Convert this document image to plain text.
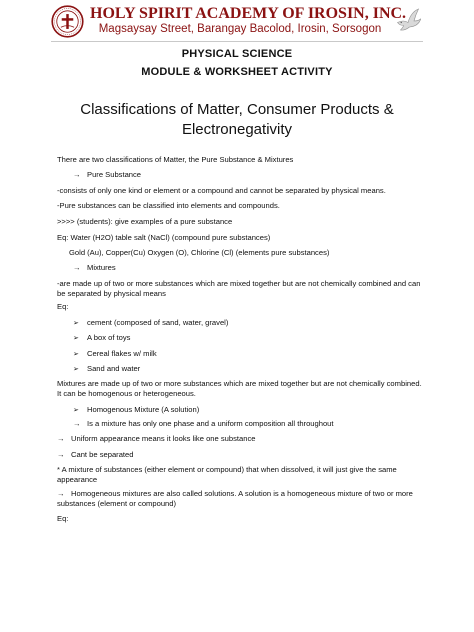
HOLY SPIRIT ACADEMY OF IROSIN, INC.
Magsaysay Street, Barangay Bacolod, Irosin, Sorsogon
PHYSICAL SCIENCE
MODULE & WORKSHEET ACTIVITY
Classifications of Matter, Consumer Products &
Electronegativity
There are two classifications of Matter, the Pure Substance & Mixtures
→ Pure Substance
-consists of only one kind or element or a compound and cannot be separated by physical means.
-Pure substances can be classified into elements and compounds.
>>>> (students): give examples of a pure substance
Eq: Water (H2O) table salt (NaCl) (compound pure substances)
Gold (Au), Copper(Cu) Oxygen (O), Chlorine (Cl) (elements pure substances)
→ Mixtures
-are made up of two or more substances which are mixed together but are not chemically combined and can be separated by physical means
Eq:
➢ cement (composed of sand, water, gravel)
➢ A box of toys
➢ Cereal flakes w/ milk
➢ Sand and water
Mixtures are made up of two or more substances which are mixed together but are not chemically combined. It can be homogenous or heterogeneous.
➢ Homogenous Mixture (A solution)
→ Is a mixture has only one phase and a uniform composition all throughout
→ Uniform appearance means it looks like one substance
→ Cant be separated
* A mixture of substances (either element or compound) that when dissolved, it will just give the same appearance
→ Homogeneous mixtures are also called solutions. A solution is a homogeneous mixture of two or more substances (element or compound)
Eq:
